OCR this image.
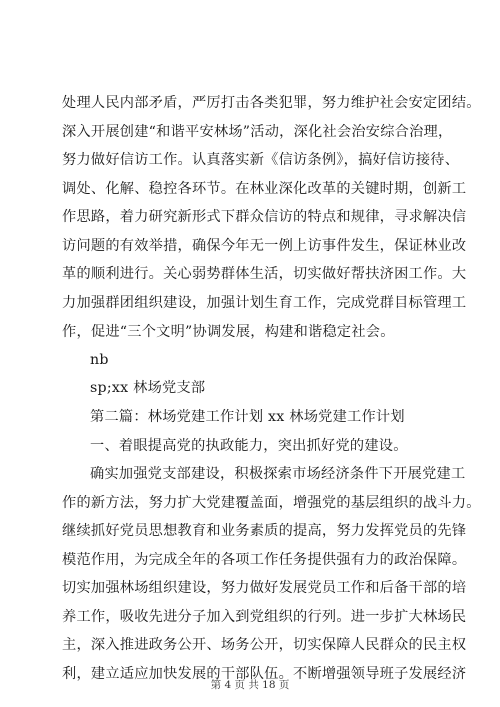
处理人民内部矛盾，严厉打击各类犯罪，努力维护社会安定团结。
深入开展创建“和谐平安林场”活动，深化社会治安综合治理，
努力做好信访工作。认真落实新《信访条例》，搞好信访接待、
调处、化解、稳控各环节。在林业深化改革的关键时期，创新工
作思路，着力研究新形式下群众信访的特点和规律，寻求解决信
访问题的有效举措，确保今年无一例上访事件发生，保证林业改
革的顺利进行。关心弱势群体生活，切实做好帮扶济困工作。大
力加强群团组织建设，加强计划生育工作，完成党群目标管理工
作，促进“三个文明”协调发展，构建和谐稳定社会。
nb
sp;xx 林场党支部
第二篇：林场党建工作计划 xx 林场党建工作计划
一、着眼提高党的执政能力，突出抓好党的建设。
确实加强党支部建设，积极探索市场经济条件下开展党建工
作的新方法，努力扩大党建覆盖面，增强党的基层组织的战斗力。
继续抓好党员思想教育和业务素质的提高，努力发挥党员的先锋
模范作用，为完成全年的各项工作任务提供强有力的政治保障。
切实加强林场组织建设，努力做好发展党员工作和后备干部的培
养工作，吸收先进分子加入到党组织的行列。进一步扩大林场民
主，深入推进政务公开、场务公开，切实保障人民群众的民主权
利，建立适应加快发展的干部队伍。不断增强领导班子发展经济
第 4 页 共 18 页
